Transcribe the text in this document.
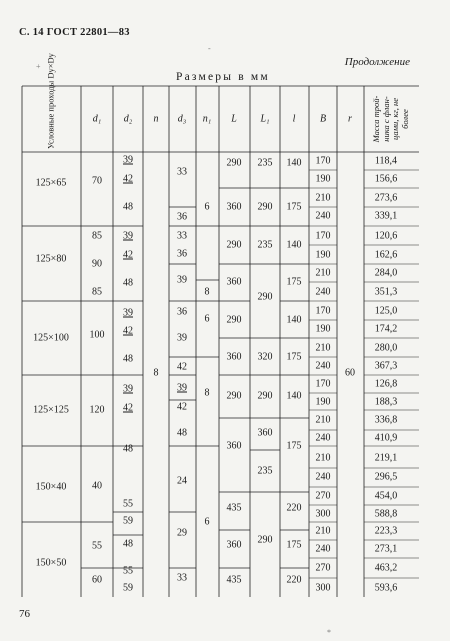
С. 14 ГОСТ 22801—83
Продолжение
Размеры в мм
76
-
+
*
Условные проходы Dу×Dу	d₁ d₂ n d₃ n₁ L L₁ l B r Масса трой-ника с флан-цами, кг, не более
125×65
125×80
125×100
125×125
150×40
150×50
70
85
90
85
100
120
40
55
60
39
42
48
39
42
48
39
42
48
39
42
48
55
59
48
55
59
8
33
36
33
36
39
36
39
42
39
42
48
24
29
33
6
8
6
8
6
290
360
290
360
290
360
290
360
435
360
435
235
290
235
290
320
290
360
235
290
140
175
140
175
140
175
140
175
220
175
220
170
190
210
240
170
190
210
240
170
190
210
240
170
190
210
240
210
240
270
300
210
240
270
300
60
118,4
156,6
273,6
339,1
120,6
162,6
284,0
351,3
125,0
174,2
280,0
367,3
126,8
188,3
336,8
410,9
219,1
296,5
454,0
588,8
223,3
273,1
463,2
593,6
